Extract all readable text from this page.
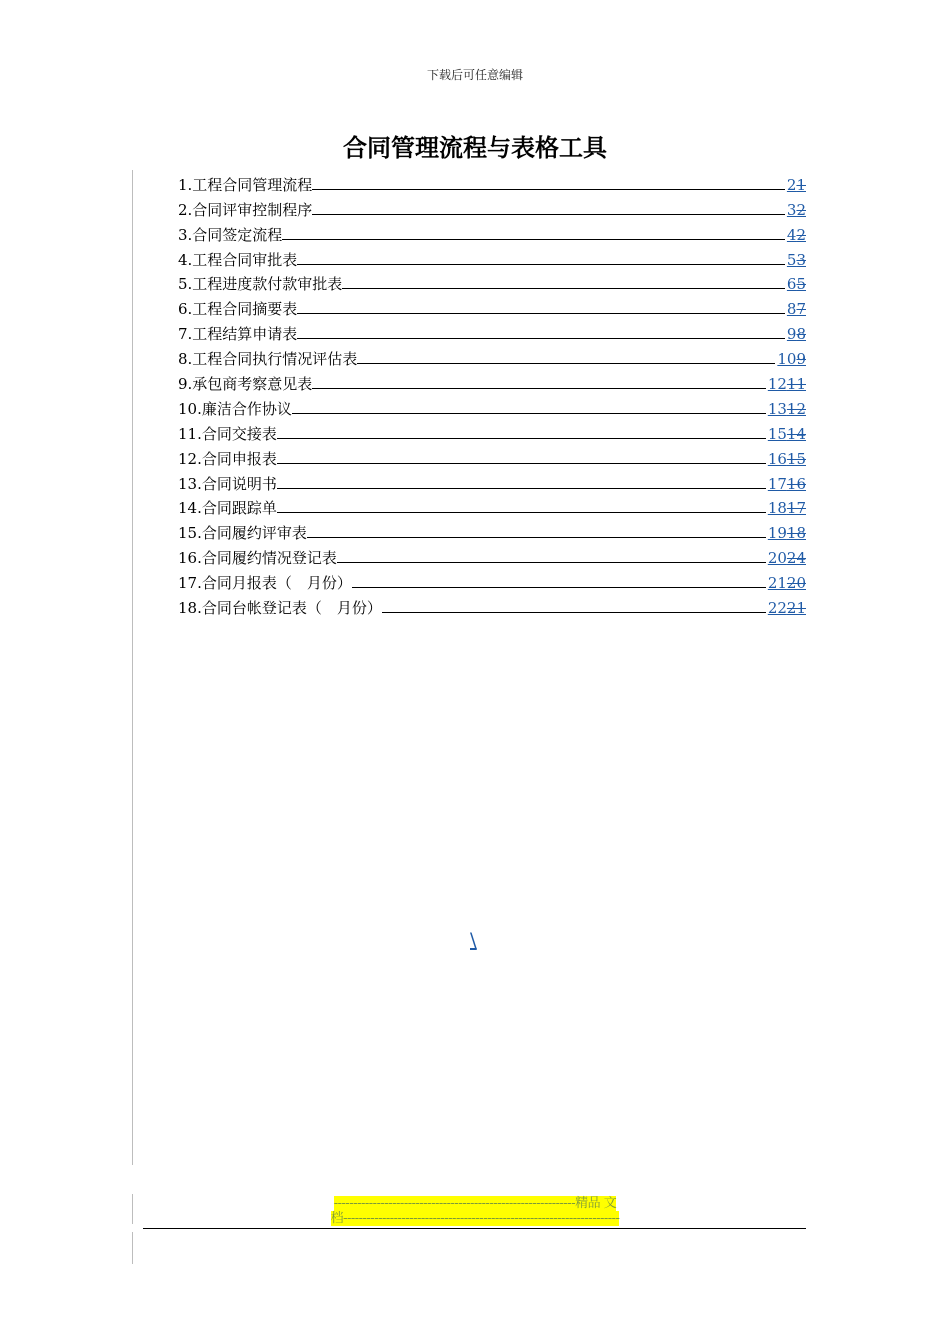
下载后可任意编辑
合同管理流程与表格工具
1.工程合同管理流程	21
2.合同评审控制程序	32
3.合同签定流程	42
4.工程合同审批表	53
5.工程进度款付款审批表	65
6.工程合同摘要表	87
7.工程结算申请表	98
8.工程合同执行情况评估表	109
9.承包商考察意见表	1211
10.廉洁合作协议	1312
11.合同交接表	1514
12.合同申报表	1615
13.合同说明书	1716
14.合同跟踪单	1817
15.合同履约评审表	1918
16.合同履约情况登记表	2024
17.合同月报表（　月份）	2120
18.合同台帐登记表（　月份）	2221
\
--------------------------------------------------------------精品 文
档-----------------------------------------------------------------------
